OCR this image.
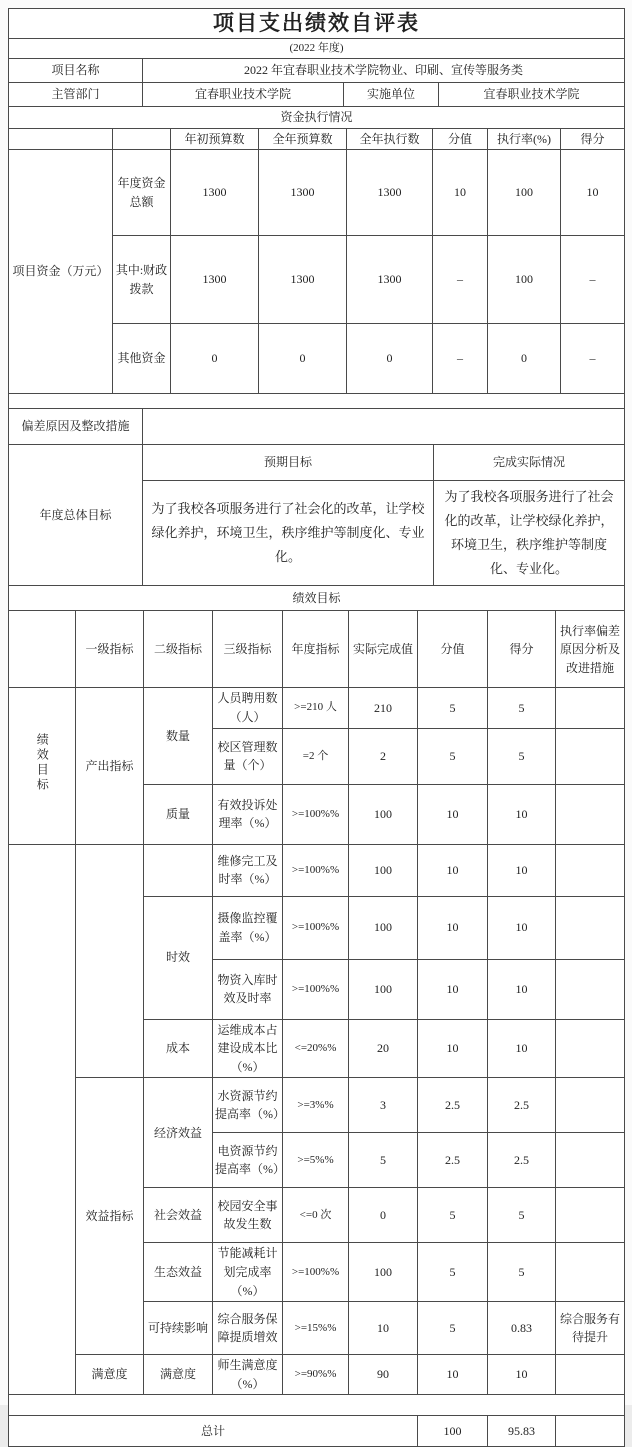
项目支出绩效自评表
(2022 年度)
项目名称	2022 年宜春职业技术学院物业、印刷、宣传等服务类		
主管部门	宜春职业技术学院	实施单位	宜春职业技术学院
资金执行情况
		年初预算数	全年预算数	全年执行数	分值	执行率(%)	得分
项目资金（万元）	年度资金总额	1300	1300	1300	10	100	10
	其中:财政拨款	1300	1300	1300	–	100	–
	其他资金	0	0	0	–	0	–
偏差原因及整改措施	
年度总体目标	预期目标	完成实际情况
	为了我校各项服务进行了社会化的改革，让学校绿化养护，环境卫生，秩序维护等制度化、专业化。	为了我校各项服务进行了社会化的改革，让学校绿化养护，环境卫生，秩序维护等制度化、专业化。
绩效目标
	一级指标	二级指标	三级指标	年度指标	实际完成值	分值	得分	执行率偏差原因分析及改进措施
绩效目标	产出指标	数量	人员聘用数（人）	>=210 人	210	5	5	
			校区管理数量（个）	=2 个	2	5	5	
		质量	有效投诉处理率（%）	>=100%%	100	10	10	
			维修完工及时率（%）	>=100%%	100	10	10	
		时效	摄像监控覆盖率（%）	>=100%%	100	10	10	
			物资入库时效及时率	>=100%%	100	10	10	
		成本	运维成本占建设成本比（%）	<=20%%	20	10	10	
	效益指标	经济效益	水资源节约提高率（%）	>=3%%	3	2.5	2.5	
			电资源节约提高率（%）	>=5%%	5	2.5	2.5	
		社会效益	校园安全事故发生数	<=0 次	0	5	5	
		生态效益	节能减耗计划完成率（%）	>=100%%	100	5	5	
		可持续影响	综合服务保障提质增效	>=15%%	10	5	0.83	综合服务有待提升
	满意度	满意度	师生满意度（%）	>=90%%	90	10	10	
总计	100	95.83	
